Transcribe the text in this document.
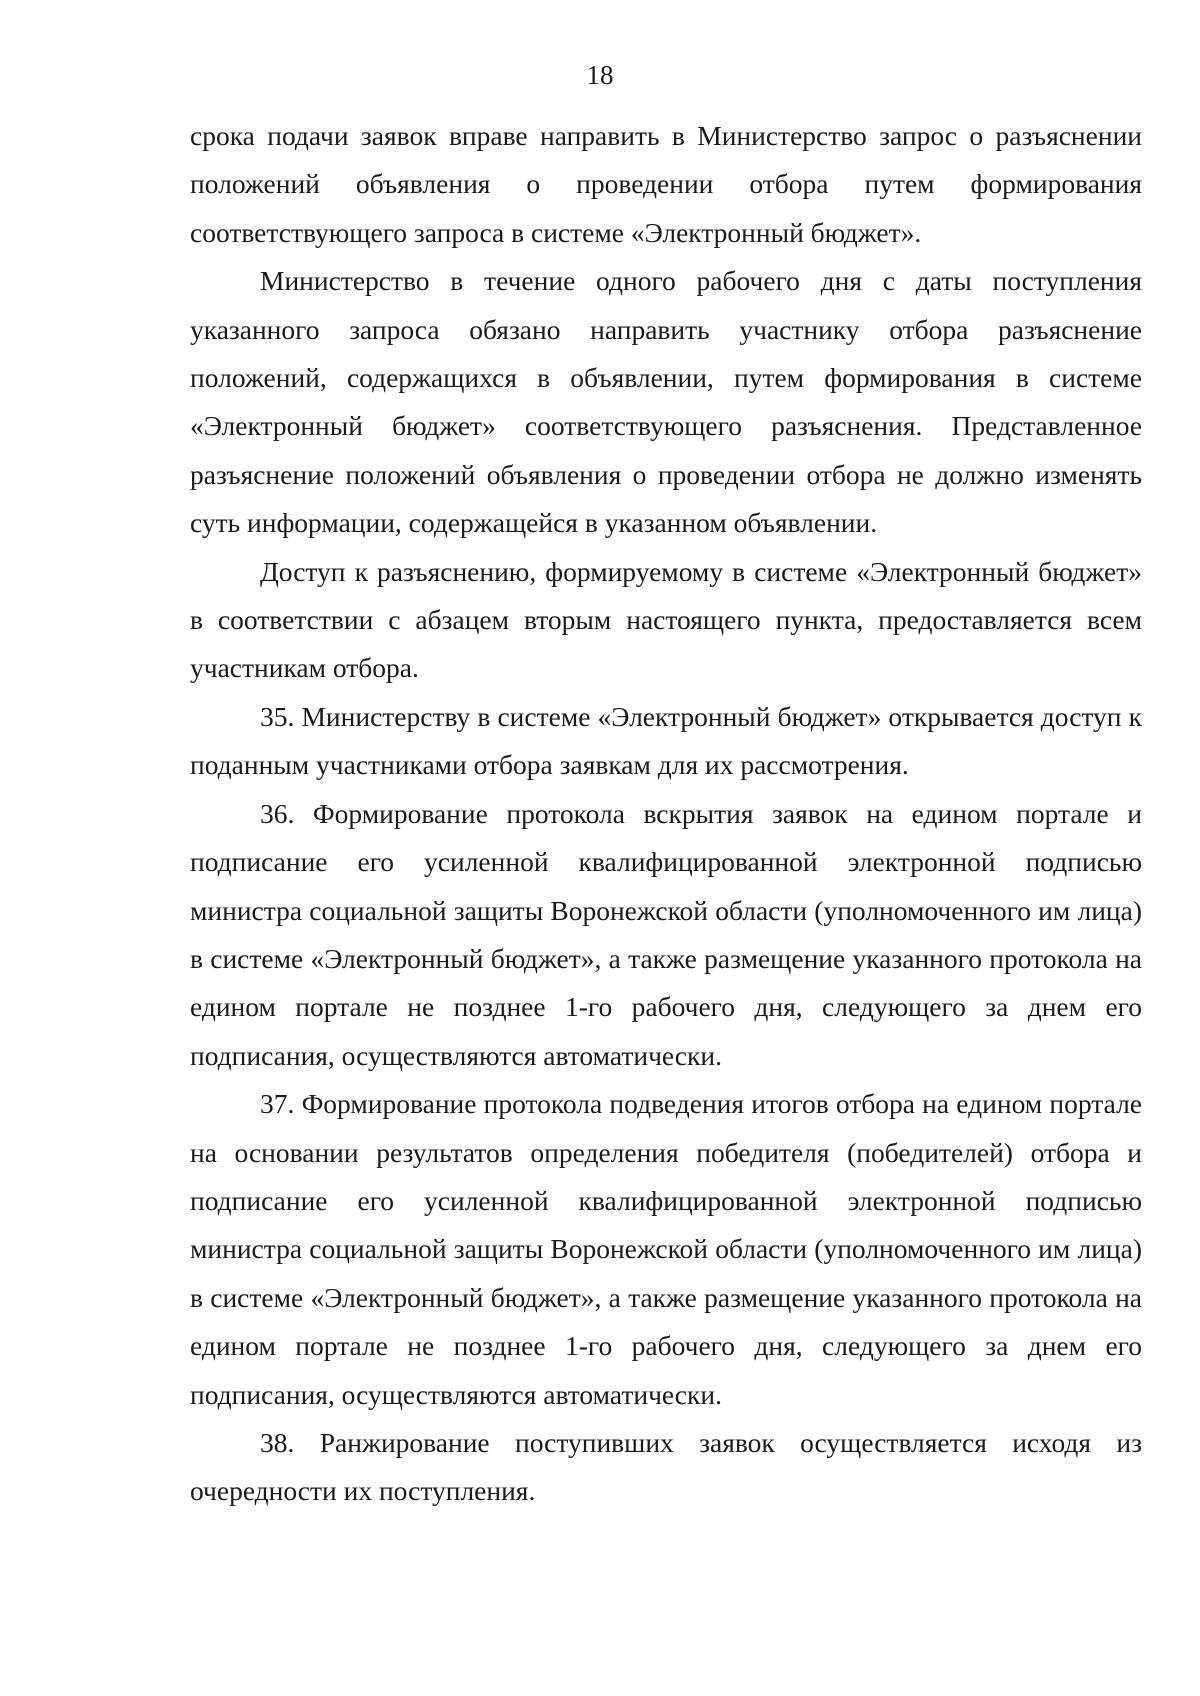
18

срока подачи заявок вправе направить в Министерство запрос о разъяснении положений объявления о проведении отбора путем формирования соответствующего запроса в системе «Электронный бюджет».

Министерство в течение одного рабочего дня с даты поступления указанного запроса обязано направить участнику отбора разъяснение положений, содержащихся в объявлении, путем формирования в системе «Электронный бюджет» соответствующего разъяснения. Представленное разъяснение положений объявления о проведении отбора не должно изменять суть информации, содержащейся в указанном объявлении.

Доступ к разъяснению, формируемому в системе «Электронный бюджет» в соответствии с абзацем вторым настоящего пункта, предоставляется всем участникам отбора.

35. Министерству в системе «Электронный бюджет» открывается доступ к поданным участниками отбора заявкам для их рассмотрения.

36. Формирование протокола вскрытия заявок на едином портале и подписание его усиленной квалифицированной электронной подписью министра социальной защиты Воронежской области (уполномоченного им лица) в системе «Электронный бюджет», а также размещение указанного протокола на едином портале не позднее 1-го рабочего дня, следующего за днем его подписания, осуществляются автоматически.

37. Формирование протокола подведения итогов отбора на едином портале на основании результатов определения победителя (победителей) отбора и подписание его усиленной квалифицированной электронной подписью министра социальной защиты Воронежской области (уполномоченного им лица) в системе «Электронный бюджет», а также размещение указанного протокола на едином портале не позднее 1-го рабочего дня, следующего за днем его подписания, осуществляются автоматически.

38. Ранжирование поступивших заявок осуществляется исходя из очередности их поступления.
